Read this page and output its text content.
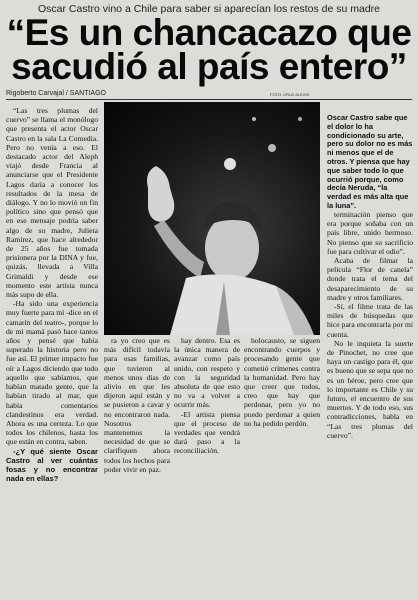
Oscar Castro vino a Chile para saber si aparecían los restos de su madre
“Es un chancacazo que sacudió al país entero”
Rigoberto Carvajal / SANTIAGO	FOTO: CRUZ ALEXIS

“Las tres plumas del cuervo” se llama el monólogo que presenta el actor Oscar Castro en la sala La Comedia. Pero no venía a eso. El destacado actor del Aleph viajó desde Francia al anunciarse que el Presidente Lagos daría a conocer los resultados de la mesa de diálogo. Y no lo movió un fin político sino que pensó que en ese mensaje podría saber algo de su madre, Julieta Ramírez, que hace alrededor de 25 años fue tomada prisionera por la DINA y fue, quizás, llevada a Villa Grimaldi y desde ese momento este artista nunca más supo de ella.

-Ha sido una experiencia muy fuerte para mí -dice en el camarín del teatro-, porque lo de mi mamá pasó hace tantos años y pensé que había superado la historia pero no fue así. El primer impacto fue oír a Lagos diciendo que todo aquello que sabíamos, que habían matado gente, que la habían tirado al mar, que había comentarios clandestinos era verdad. Ahora es una certeza. Lo que todos los chilenos, hasta los que están en contra, saben.

-¿Y qué siente Oscar Castro al ver cuántas fosas y no encontrar nada en ellas?

Oscar Castro sabe que el dolor lo ha condicionado su arte, pero su dolor no es más ni menos que el de otros. Y piensa que hay que saber todo lo que ocurrió porque, como decía Neruda, “la verdad es más alta que la luna”.

ra yo creo que es más difícil todavía para esas familias, que tuvieron al menos unos días de alivio en que les dijeron aquí están y se pusieron a cavar y no encontraron nada. Nosotros mantenemos la necesidad de que se clarifiquen ahora todos los hechos para poder vivir en paz.

hay dentro. Esa es la única manera de avanzar como país unido, con respeto y con la seguridad absoluta de que esto no va a volver a ocurrir más.

-El artista piensa que el proceso de verdades que vendrá dará paso a la reconciliación.

holocausto, se siguen encontrando cuerpos y procesando gente que cometió crímenes contra la humanidad. Pero hay que creer que todos, creo que hay que perdonar, pero yo no puedo perdonar a quien no ha pedido perdón.

terminación pienso que era porque soñaba con un país libre, unido hermoso. No pienso que su sacrificio fue para cultivar el odio”.

Acaba de filmar la película “Flor de canela” donde trata el tema del desaparecimiento de su madre y otros familiares.

-Sí, el filme trata de las miles de búsquedas que hice para encontrarla por mi cuenta.

No le inquieta la suerte de Pinochet, no cree que haya un castigo para él, que es bueno que se sepa que no es un héroe, pero cree que lo importante es Chile y su futuro, el encuentro de sus muertos. Y de todo eso, sus contradicciones, habla en “Las tres plumas del cuervo”.
